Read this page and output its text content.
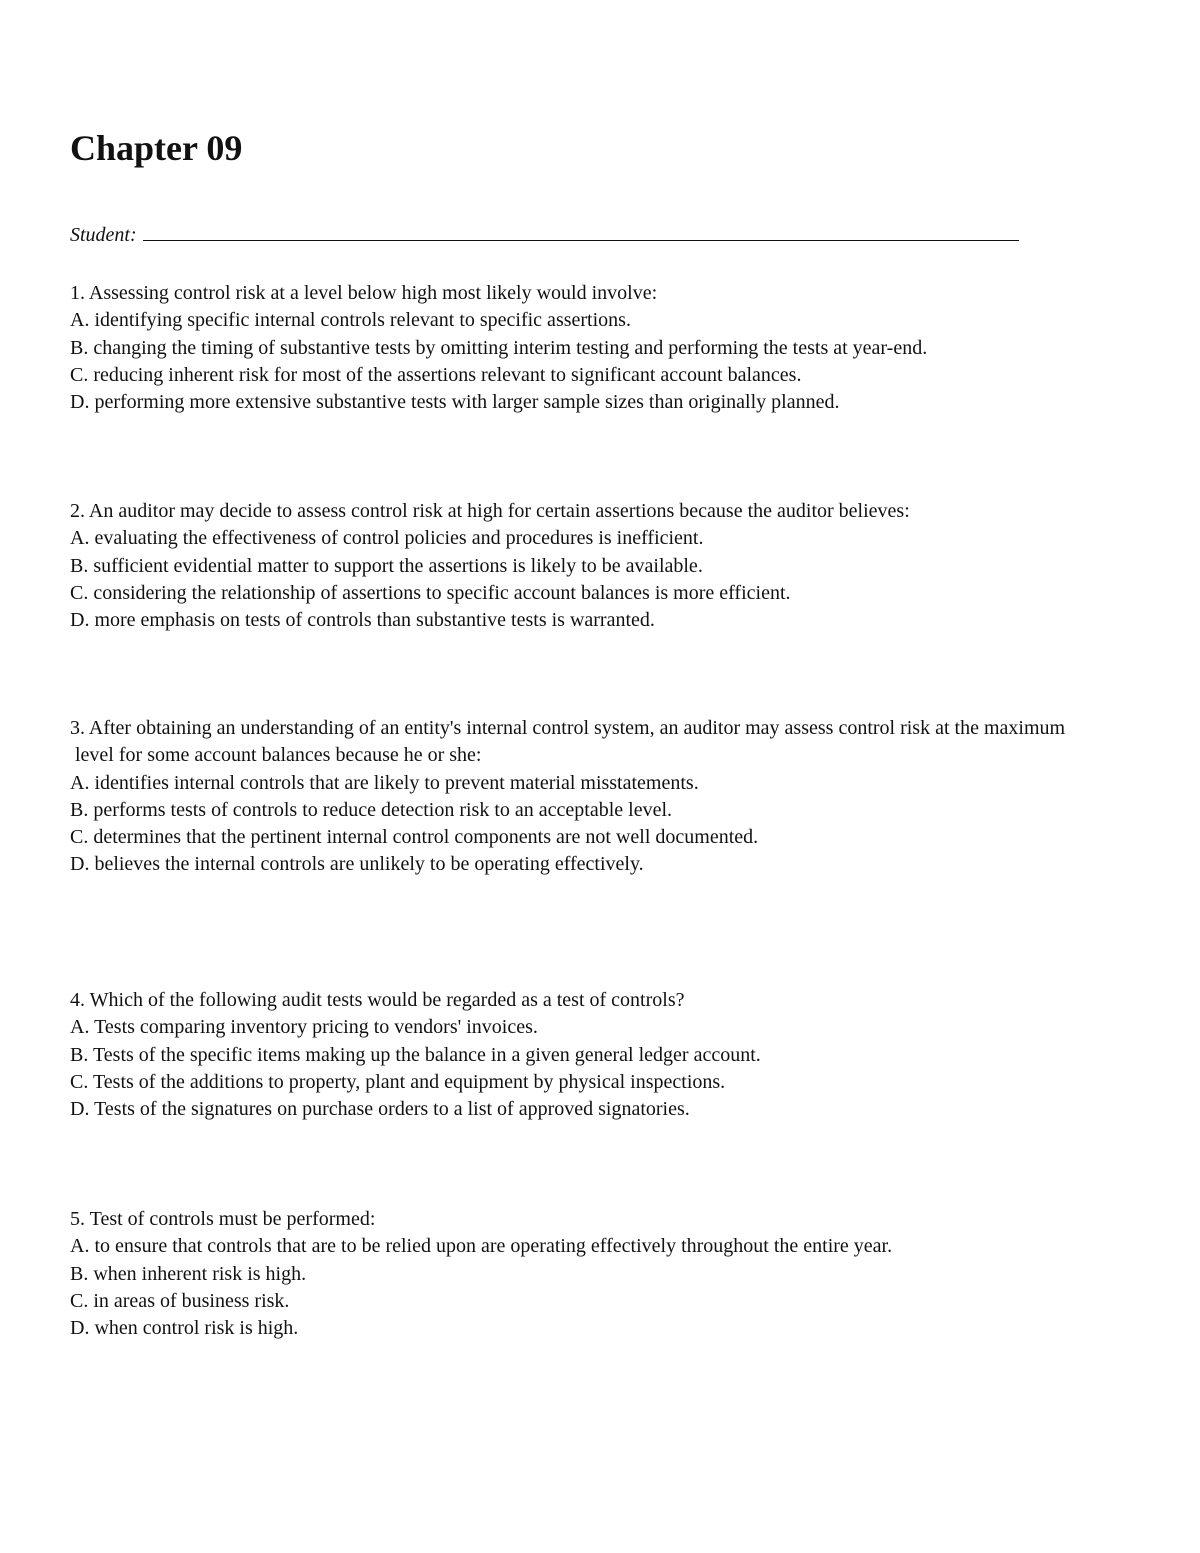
Chapter 09
Student:
1. Assessing control risk at a level below high most likely would involve:
A. identifying specific internal controls relevant to specific assertions.
B. changing the timing of substantive tests by omitting interim testing and performing the tests at year-end.
C. reducing inherent risk for most of the assertions relevant to significant account balances.
D. performing more extensive substantive tests with larger sample sizes than originally planned.
2. An auditor may decide to assess control risk at high for certain assertions because the auditor believes:
A. evaluating the effectiveness of control policies and procedures is inefficient.
B. sufficient evidential matter to support the assertions is likely to be available.
C. considering the relationship of assertions to specific account balances is more efficient.
D. more emphasis on tests of controls than substantive tests is warranted.
3. After obtaining an understanding of an entity's internal control system, an auditor may assess control risk at the maximum
level for some account balances because he or she:
A. identifies internal controls that are likely to prevent material misstatements.
B. performs tests of controls to reduce detection risk to an acceptable level.
C. determines that the pertinent internal control components are not well documented.
D. believes the internal controls are unlikely to be operating effectively.
4. Which of the following audit tests would be regarded as a test of controls?
A. Tests comparing inventory pricing to vendors' invoices.
B. Tests of the specific items making up the balance in a given general ledger account.
C. Tests of the additions to property, plant and equipment by physical inspections.
D. Tests of the signatures on purchase orders to a list of approved signatories.
5. Test of controls must be performed:
A. to ensure that controls that are to be relied upon are operating effectively throughout the entire year.
B. when inherent risk is high.
C. in areas of business risk.
D. when control risk is high.
